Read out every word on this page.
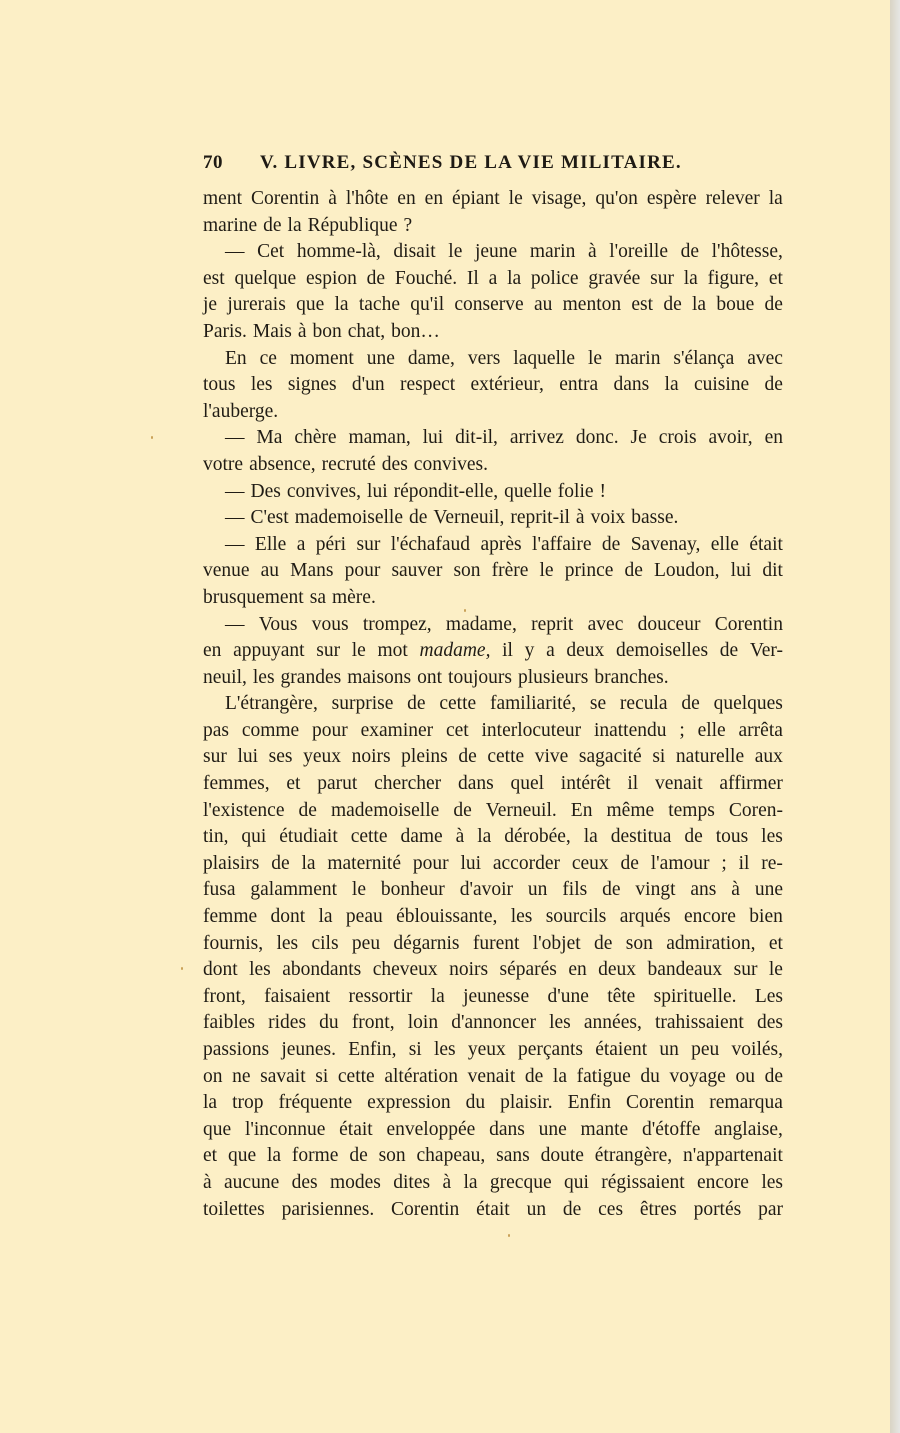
70 V. LIVRE, SCÈNES DE LA VIE MILITAIRE.
ment Corentin à l'hôte en en épiant le visage, qu'on espère relever la
marine de la République ?
— Cet homme-là, disait le jeune marin à l'oreille de l'hôtesse,
est quelque espion de Fouché. Il a la police gravée sur la figure, et
je jurerais que la tache qu'il conserve au menton est de la boue de
Paris. Mais à bon chat, bon…
En ce moment une dame, vers laquelle le marin s'élança avec
tous les signes d'un respect extérieur, entra dans la cuisine de
l'auberge.
— Ma chère maman, lui dit-il, arrivez donc. Je crois avoir, en
votre absence, recruté des convives.
— Des convives, lui répondit-elle, quelle folie !
— C'est mademoiselle de Verneuil, reprit-il à voix basse.
— Elle a péri sur l'échafaud après l'affaire de Savenay, elle était
venue au Mans pour sauver son frère le prince de Loudon, lui dit
brusquement sa mère.
— Vous vous trompez, madame, reprit avec douceur Corentin
en appuyant sur le mot madame, il y a deux demoiselles de Ver-
neuil, les grandes maisons ont toujours plusieurs branches.
L'étrangère, surprise de cette familiarité, se recula de quelques
pas comme pour examiner cet interlocuteur inattendu ; elle arrêta
sur lui ses yeux noirs pleins de cette vive sagacité si naturelle aux
femmes, et parut chercher dans quel intérêt il venait affirmer
l'existence de mademoiselle de Verneuil. En même temps Coren-
tin, qui étudiait cette dame à la dérobée, la destitua de tous les
plaisirs de la maternité pour lui accorder ceux de l'amour ; il re-
fusa galamment le bonheur d'avoir un fils de vingt ans à une
femme dont la peau éblouissante, les sourcils arqués encore bien
fournis, les cils peu dégarnis furent l'objet de son admiration, et
dont les abondants cheveux noirs séparés en deux bandeaux sur le
front, faisaient ressortir la jeunesse d'une tête spirituelle. Les
faibles rides du front, loin d'annoncer les années, trahissaient des
passions jeunes. Enfin, si les yeux perçants étaient un peu voilés,
on ne savait si cette altération venait de la fatigue du voyage ou de
la trop fréquente expression du plaisir. Enfin Corentin remarqua
que l'inconnue était enveloppée dans une mante d'étoffe anglaise,
et que la forme de son chapeau, sans doute étrangère, n'appartenait
à aucune des modes dites à la grecque qui régissaient encore les
toilettes parisiennes. Corentin était un de ces êtres portés par
